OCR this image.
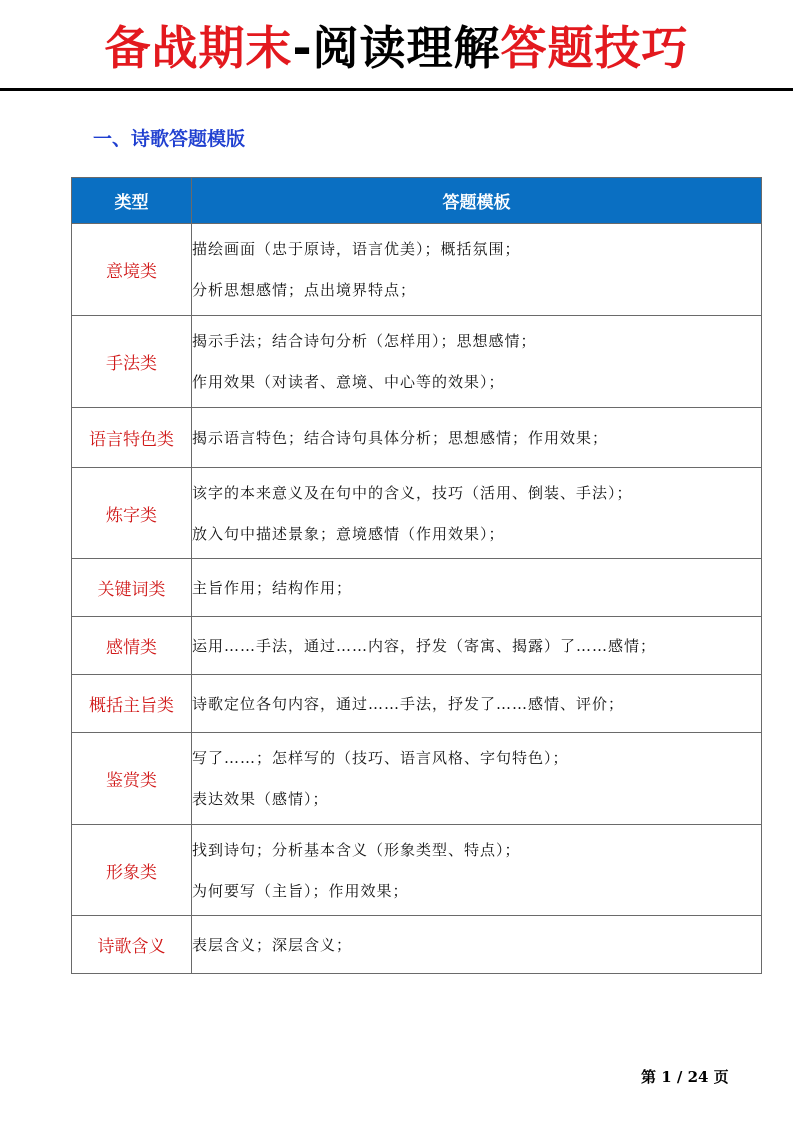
备战期末-阅读理解答题技巧
一、诗歌答题模版
类型	答题模板
意境类	描绘画面（忠于原诗，语言优美）；概括氛围；
分析思想感情；点出境界特点；

手法类	揭示手法；结合诗句分析（怎样用）；思想感情；
作用效果（对读者、意境、中心等的效果）；

语言特色类	揭示语言特色；结合诗句具体分析；思想感情；作用效果；

炼字类	该字的本来意义及在句中的含义，技巧（活用、倒装、手法）；
放入句中描述景象；意境感情（作用效果）；

关键词类	主旨作用；结构作用；

感情类	运用……手法，通过……内容，抒发（寄寓、揭露）了……感情；

概括主旨类	诗歌定位各句内容，通过……手法，抒发了……感情、评价；

鉴赏类	写了……；怎样写的（技巧、语言风格、字句特色）；
表达效果（感情）；

形象类	找到诗句；分析基本含义（形象类型、特点）；
为何要写（主旨）；作用效果；

诗歌含义	表层含义；深层含义；
第 1 / 24 页
